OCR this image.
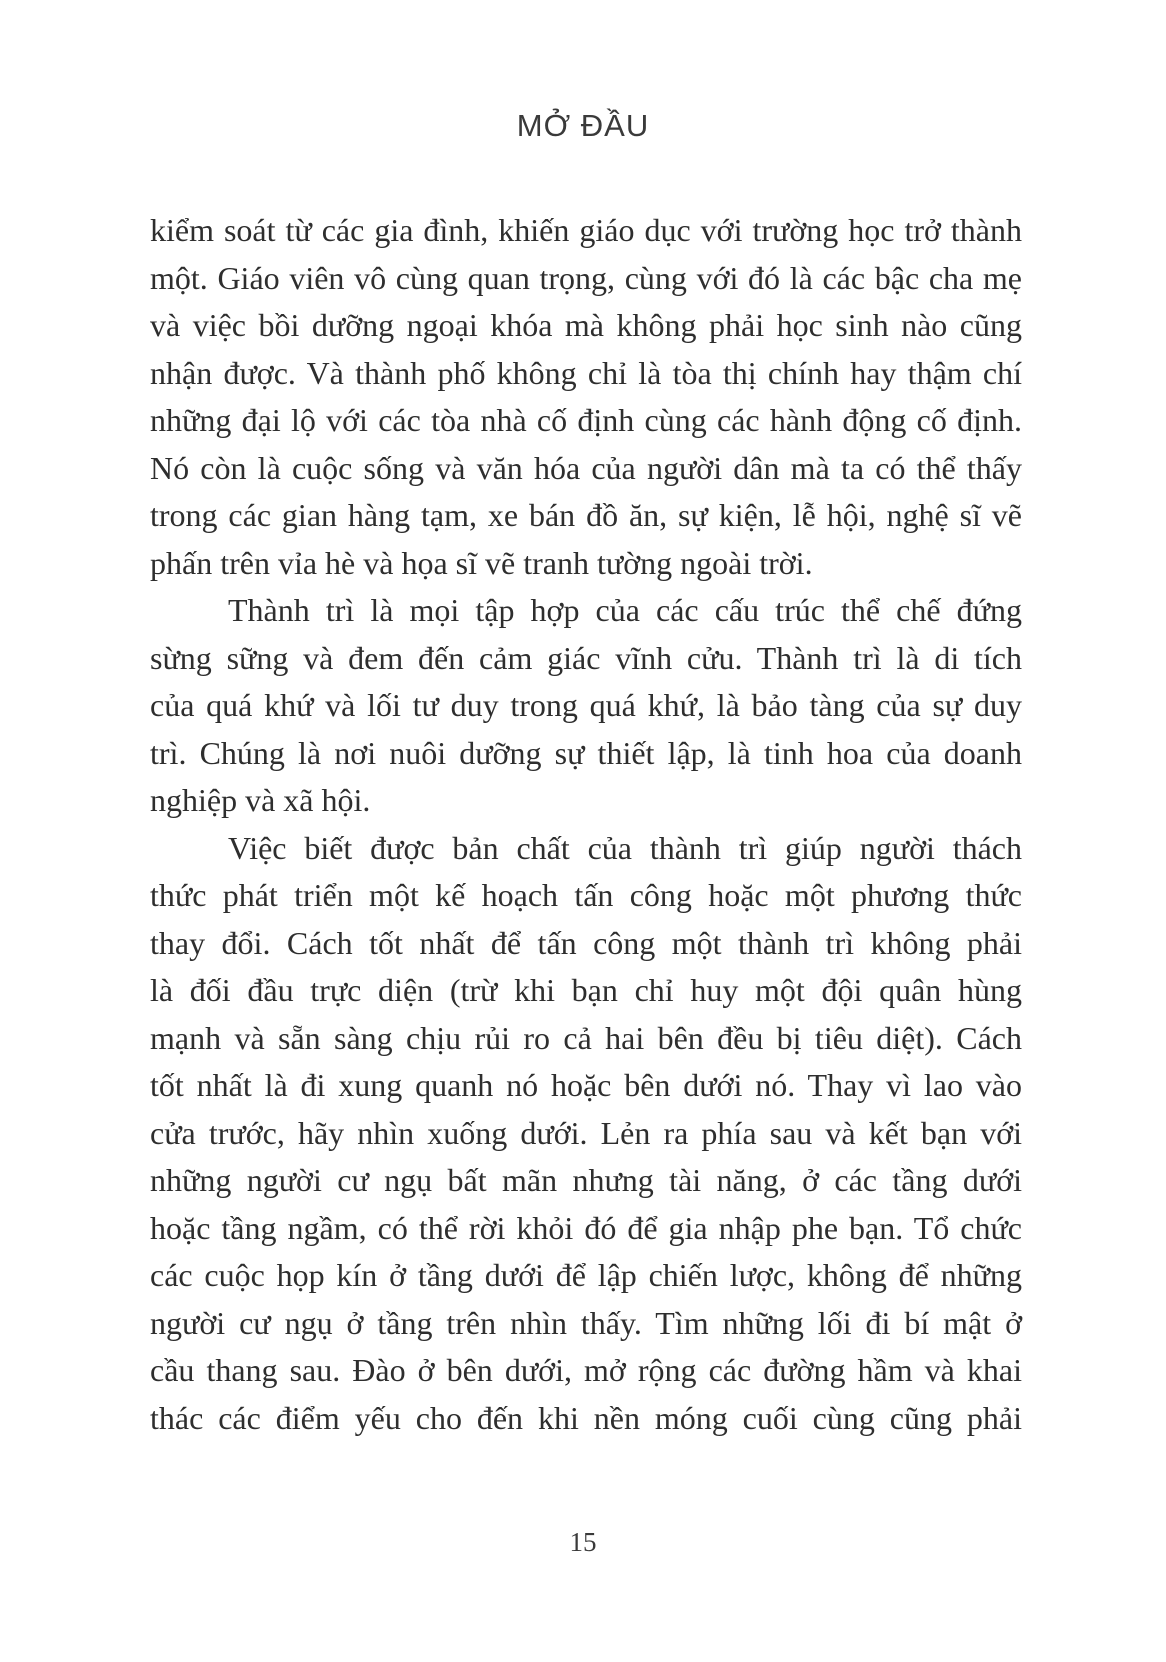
MỞ ĐẦU

kiểm soát từ các gia đình, khiến giáo dục với trường học trở thành
một. Giáo viên vô cùng quan trọng, cùng với đó là các bậc cha mẹ
và việc bồi dưỡng ngoại khóa mà không phải học sinh nào cũng
nhận được. Và thành phố không chỉ là tòa thị chính hay thậm chí
những đại lộ với các tòa nhà cố định cùng các hành động cố định.
Nó còn là cuộc sống và văn hóa của người dân mà ta có thể thấy
trong các gian hàng tạm, xe bán đồ ăn, sự kiện, lễ hội, nghệ sĩ vẽ
phấn trên vỉa hè và họa sĩ vẽ tranh tường ngoài trời.

Thành trì là mọi tập hợp của các cấu trúc thể chế đứng
sừng sững và đem đến cảm giác vĩnh cửu. Thành trì là di tích
của quá khứ và lối tư duy trong quá khứ, là bảo tàng của sự duy
trì. Chúng là nơi nuôi dưỡng sự thiết lập, là tinh hoa của doanh
nghiệp và xã hội.

Việc biết được bản chất của thành trì giúp người thách
thức phát triển một kế hoạch tấn công hoặc một phương thức
thay đổi. Cách tốt nhất để tấn công một thành trì không phải
là đối đầu trực diện (trừ khi bạn chỉ huy một đội quân hùng
mạnh và sẵn sàng chịu rủi ro cả hai bên đều bị tiêu diệt). Cách
tốt nhất là đi xung quanh nó hoặc bên dưới nó. Thay vì lao vào
cửa trước, hãy nhìn xuống dưới. Lẻn ra phía sau và kết bạn với
những người cư ngụ bất mãn nhưng tài năng, ở các tầng dưới
hoặc tầng ngầm, có thể rời khỏi đó để gia nhập phe bạn. Tổ chức
các cuộc họp kín ở tầng dưới để lập chiến lược, không để những
người cư ngụ ở tầng trên nhìn thấy. Tìm những lối đi bí mật ở
cầu thang sau. Đào ở bên dưới, mở rộng các đường hầm và khai
thác các điểm yếu cho đến khi nền móng cuối cùng cũng phải

15
